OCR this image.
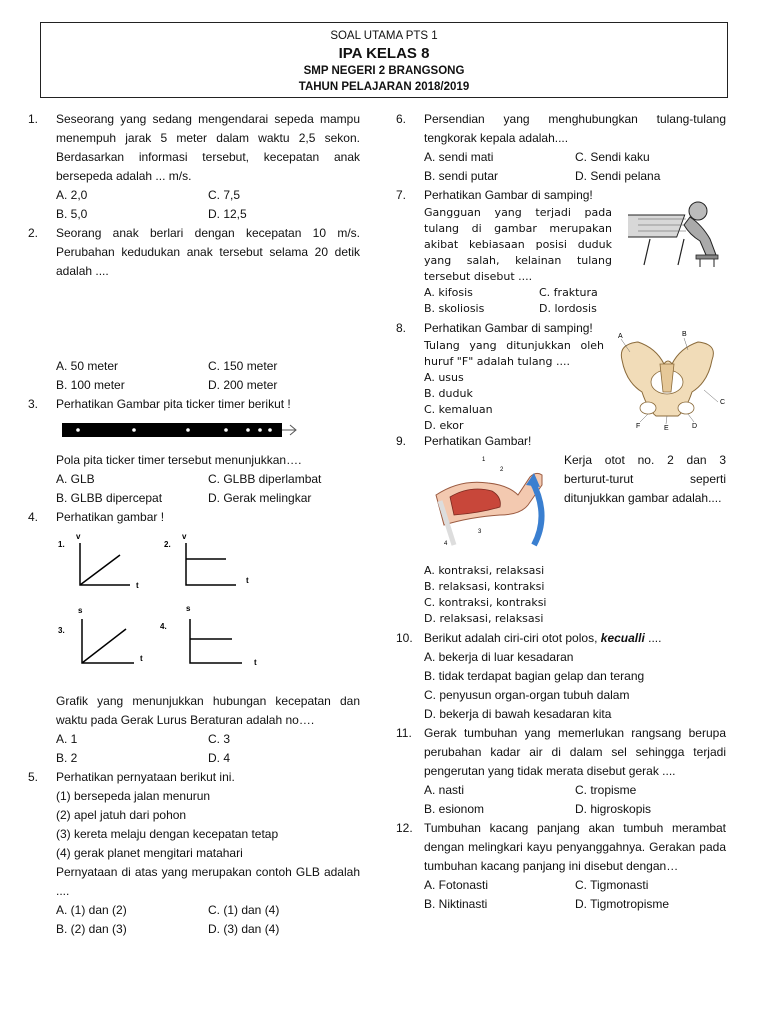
SOAL UTAMA PTS 1
IPA KELAS 8
SMP NEGERI 2 BRANGSONG
TAHUN PELAJARAN 2018/2019
1.	Seseorang yang sedang mengendarai sepeda mampu menempuh jarak 5 meter dalam waktu 2,5 sekon. Berdasarkan informasi tersebut, kecepatan anak bersepeda adalah ... m/s.
A. 2,0	C. 7,5
B. 5,0	D. 12,5
2.	Seorang anak berlari dengan kecepatan 10 m/s. Perubahan kedudukan anak tersebut selama 20 detik adalah ....
A. 50 meter	C. 150 meter
B. 100 meter	D. 200 meter
3.	Perhatikan Gambar pita ticker timer berikut !
Pola pita ticker timer tersebut menunjukkan….
A. GLB	C. GLBB diperlambat
B. GLBB dipercepat	D. Gerak melingkar
4.	Perhatikan gambar !
1.
v
t
2.
v
t
3.
s
t
4.
s
t
Grafik yang menunjukkan hubungan kecepatan dan waktu pada Gerak Lurus Beraturan adalah no….
A. 1	C. 3
B. 2	D. 4
5.	Perhatikan pernyataan berikut ini.
(1) bersepeda jalan menurun
(2) apel jatuh dari pohon
(3) kereta melaju dengan kecepatan tetap
(4) gerak planet mengitari matahari
Pernyataan di atas yang merupakan contoh GLB adalah ....
A. (1) dan (2)	C. (1) dan (4)
B. (2) dan (3)	D. (3) dan (4)
6.	Persendian yang menghubungkan tulang-tulang tengkorak kepala adalah....
A. sendi mati	C. Sendi kaku
B. sendi putar	D. Sendi pelana
7.	Perhatikan Gambar di samping!
Gangguan yang terjadi pada tulang di gambar merupakan akibat kebiasaan posisi duduk yang salah, kelainan tulang tersebut disebut ....
A. kifosis	C. fraktura
B. skoliosis	D. lordosis
8.	Perhatikan Gambar di samping!
Tulang yang ditunjukkan oleh huruf "F" adalah tulang ....
A. usus
B. duduk
C. kemaluan
D. ekor
A	B
C
D
E
F
9.	Perhatikan Gambar!
1
2
3
4
Kerja otot no. 2 dan 3 berturut-turut seperti ditunjukkan gambar adalah....
A. kontraksi, relaksasi
B. relaksasi, kontraksi
C. kontraksi, kontraksi
D. relaksasi, relaksasi
10. Berikut adalah ciri-ciri otot polos, kecualli ....
A. bekerja di luar kesadaran
B. tidak terdapat bagian gelap dan terang
C. penyusun organ-organ tubuh dalam
D. bekerja di bawah kesadaran kita
11.	Gerak tumbuhan yang memerlukan rangsang berupa perubahan kadar air di dalam sel sehingga terjadi pengerutan yang tidak merata disebut gerak ....
A. nasti	C. tropisme
B. esionom	D. higroskopis
12. Tumbuhan kacang panjang akan tumbuh merambat dengan melingkari kayu penyanggahnya. Gerakan pada tumbuhan kacang panjang ini disebut dengan…
A. Fotonasti	C. Tigmonasti
B. Niktinasti	D. Tigmotropisme
